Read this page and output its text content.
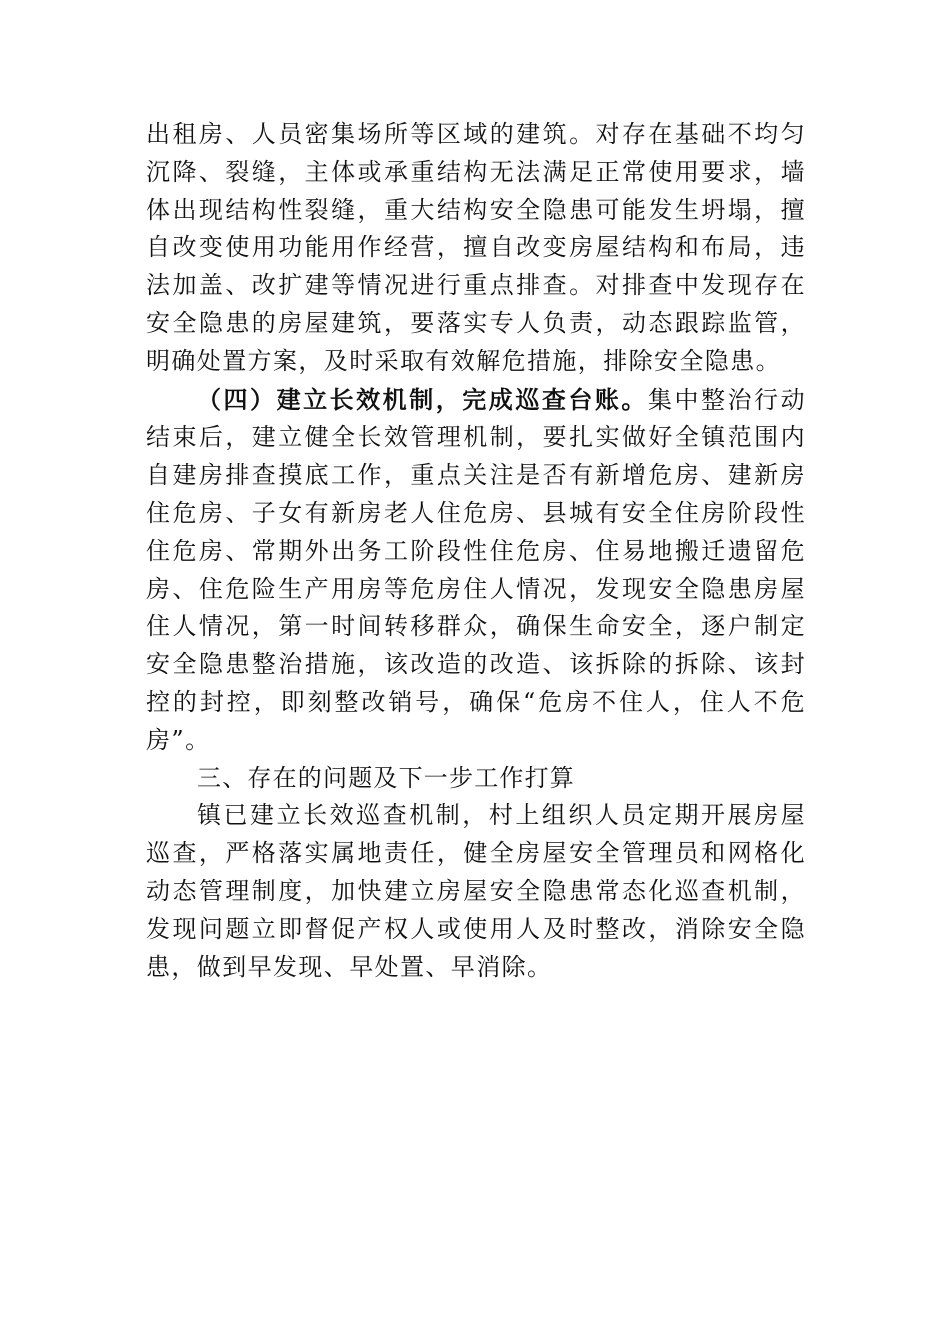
出租房、人员密集场所等区域的建筑。对存在基础不均匀沉降、裂缝，主体或承重结构无法满足正常使用要求，墙体出现结构性裂缝，重大结构安全隐患可能发生坍塌，擅自改变使用功能用作经营，擅自改变房屋结构和布局，违法加盖、改扩建等情况进行重点排查。对排查中发现存在安全隐患的房屋建筑，要落实专人负责，动态跟踪监管，明确处置方案，及时采取有效解危措施，排除安全隐患。

（四）建立长效机制，完成巡查台账。集中整治行动结束后，建立健全长效管理机制，要扎实做好全镇范围内自建房排查摸底工作，重点关注是否有新增危房、建新房住危房、子女有新房老人住危房、县城有安全住房阶段性住危房、常期外出务工阶段性住危房、住易地搬迁遗留危房、住危险生产用房等危房住人情况，发现安全隐患房屋住人情况，第一时间转移群众，确保生命安全，逐户制定安全隐患整治措施，该改造的改造、该拆除的拆除、该封控的封控，即刻整改销号，确保“危房不住人，住人不危房”。

三、存在的问题及下一步工作打算

镇已建立长效巡查机制，村上组织人员定期开展房屋巡查，严格落实属地责任，健全房屋安全管理员和网格化动态管理制度，加快建立房屋安全隐患常态化巡查机制，发现问题立即督促产权人或使用人及时整改，消除安全隐患，做到早发现、早处置、早消除。
